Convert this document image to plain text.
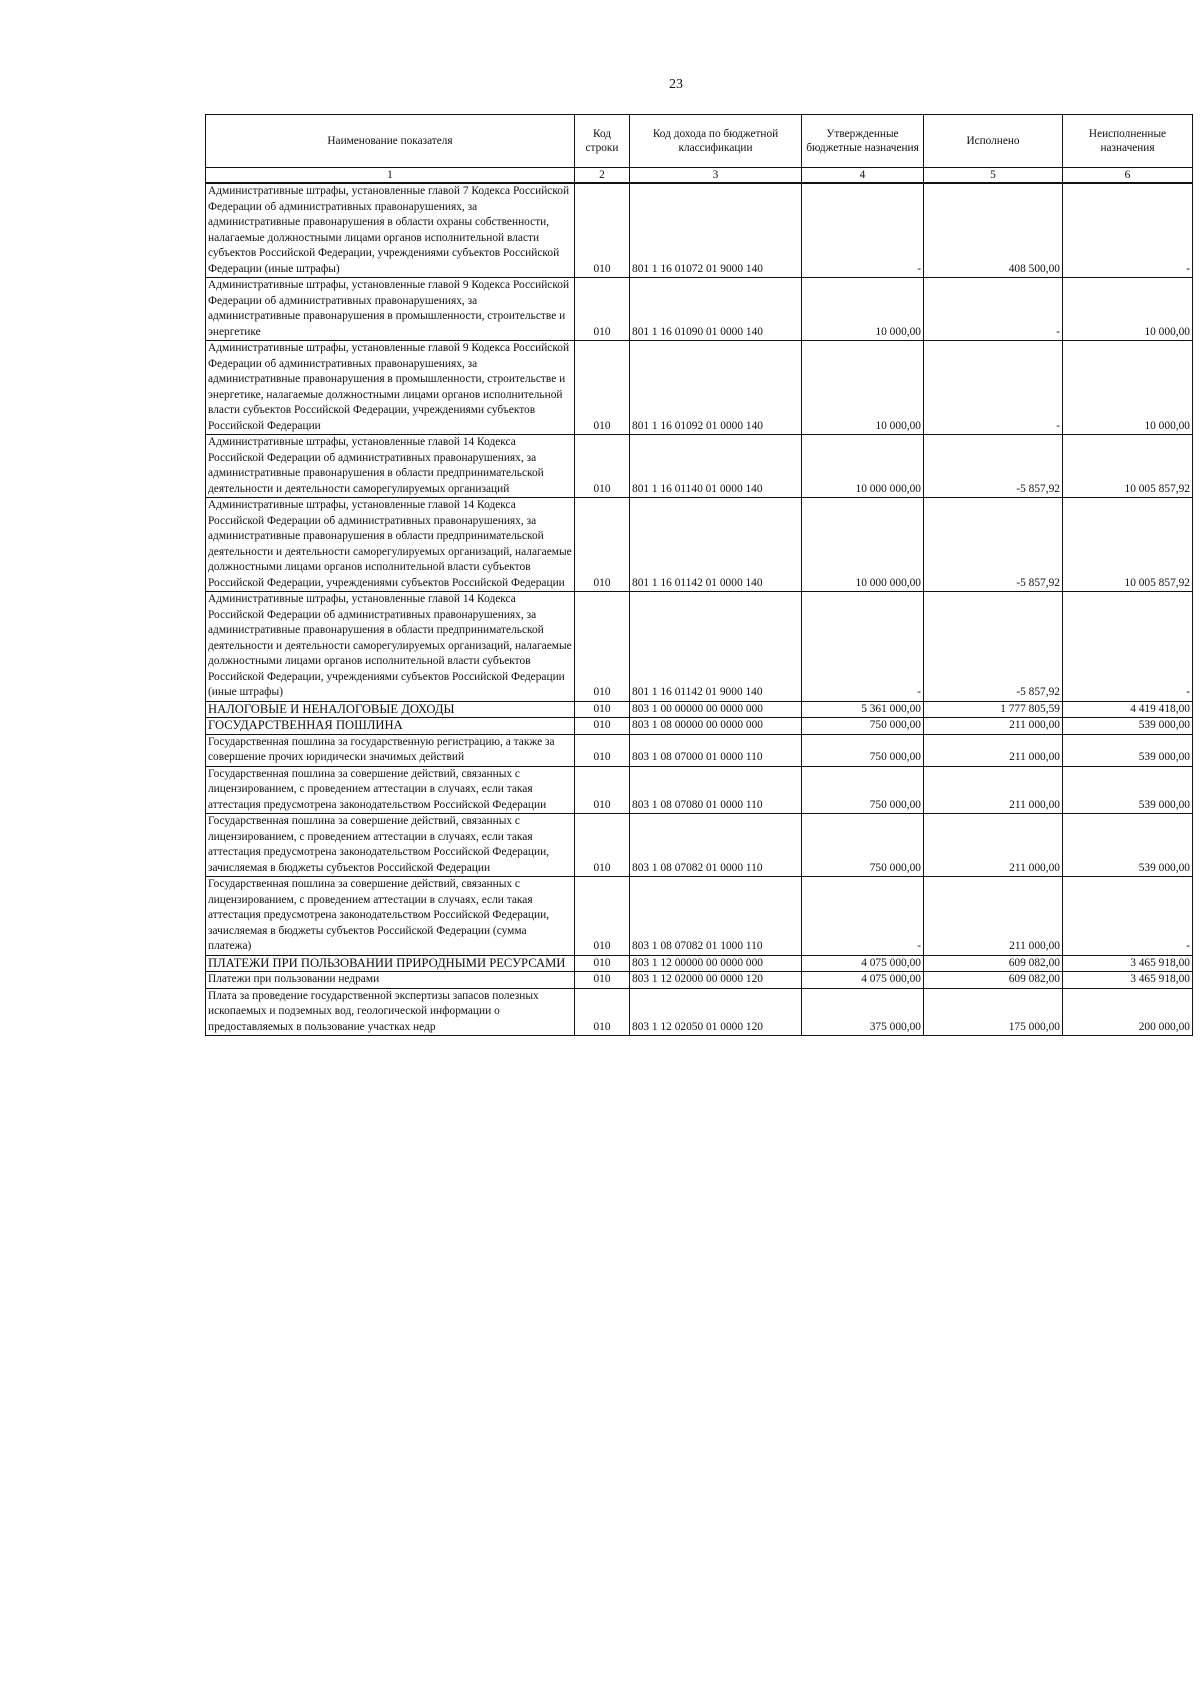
23
Наименование показателя	Код строки	Код дохода по бюджетной классификации	Утвержденные бюджетные назначения	Исполнено	Неисполненные назначения
1	2	3	4	5	6
Административные штрафы, установленные главой 7 Кодекса Российской Федерации об административных правонарушениях, за административные правонарушения в области охраны собственности, налагаемые должностными лицами органов исполнительной власти субъектов Российской Федерации, учреждениями субъектов Российской Федерации (иные штрафы)	010	801 1 16 01072 01 9000 140	-	408 500,00	-
Административные штрафы, установленные главой 9 Кодекса Российской Федерации об административных правонарушениях, за административные правонарушения в промышленности, строительстве и энергетике	010	801 1 16 01090 01 0000 140	10 000,00	-	10 000,00
Административные штрафы, установленные главой 9 Кодекса Российской Федерации об административных правонарушениях, за административные правонарушения в промышленности, строительстве и энергетике, налагаемые должностными лицами органов исполнительной власти субъектов Российской Федерации, учреждениями субъектов Российской Федерации	010	801 1 16 01092 01 0000 140	10 000,00	-	10 000,00
Административные штрафы, установленные главой 14 Кодекса Российской Федерации об административных правонарушениях, за административные правонарушения в области предпринимательской деятельности и деятельности саморегулируемых организаций	010	801 1 16 01140 01 0000 140	10 000 000,00	-5 857,92	10 005 857,92
Административные штрафы, установленные главой 14 Кодекса Российской Федерации об административных правонарушениях, за административные правонарушения в области предпринимательской деятельности и деятельности саморегулируемых организаций, налагаемые должностными лицами органов исполнительной власти субъектов Российской Федерации, учреждениями субъектов Российской Федерации	010	801 1 16 01142 01 0000 140	10 000 000,00	-5 857,92	10 005 857,92
Административные штрафы, установленные главой 14 Кодекса Российской Федерации об административных правонарушениях, за административные правонарушения в области предпринимательской деятельности и деятельности саморегулируемых организаций, налагаемые должностными лицами органов исполнительной власти субъектов Российской Федерации, учреждениями субъектов Российской Федерации (иные штрафы)	010	801 1 16 01142 01 9000 140	-	-5 857,92	-
НАЛОГОВЫЕ И НЕНАЛОГОВЫЕ ДОХОДЫ	010	803 1 00 00000 00 0000 000	5 361 000,00	1 777 805,59	4 419 418,00
ГОСУДАРСТВЕННАЯ ПОШЛИНА	010	803 1 08 00000 00 0000 000	750 000,00	211 000,00	539 000,00
Государственная пошлина за государственную регистрацию, а также за совершение прочих юридически значимых действий	010	803 1 08 07000 01 0000 110	750 000,00	211 000,00	539 000,00
Государственная пошлина за совершение действий, связанных с лицензированием, с проведением аттестации в случаях, если такая аттестация предусмотрена законодательством Российской Федерации	010	803 1 08 07080 01 0000 110	750 000,00	211 000,00	539 000,00
Государственная пошлина за совершение действий, связанных с лицензированием, с проведением аттестации в случаях, если такая аттестация предусмотрена законодательством Российской Федерации, зачисляемая в бюджеты субъектов Российской Федерации	010	803 1 08 07082 01 0000 110	750 000,00	211 000,00	539 000,00
Государственная пошлина за совершение действий, связанных с лицензированием, с проведением аттестации в случаях, если такая аттестация предусмотрена законодательством Российской Федерации, зачисляемая в бюджеты субъектов Российской Федерации (сумма платежа)	010	803 1 08 07082 01 1000 110	-	211 000,00	-
ПЛАТЕЖИ ПРИ ПОЛЬЗОВАНИИ ПРИРОДНЫМИ РЕСУРСАМИ	010	803 1 12 00000 00 0000 000	4 075 000,00	609 082,00	3 465 918,00
Платежи при пользовании недрами	010	803 1 12 02000 00 0000 120	4 075 000,00	609 082,00	3 465 918,00
Плата за проведение государственной экспертизы запасов полезных ископаемых и подземных вод, геологической информации о предоставляемых в пользование участках недр	010	803 1 12 02050 01 0000 120	375 000,00	175 000,00	200 000,00
